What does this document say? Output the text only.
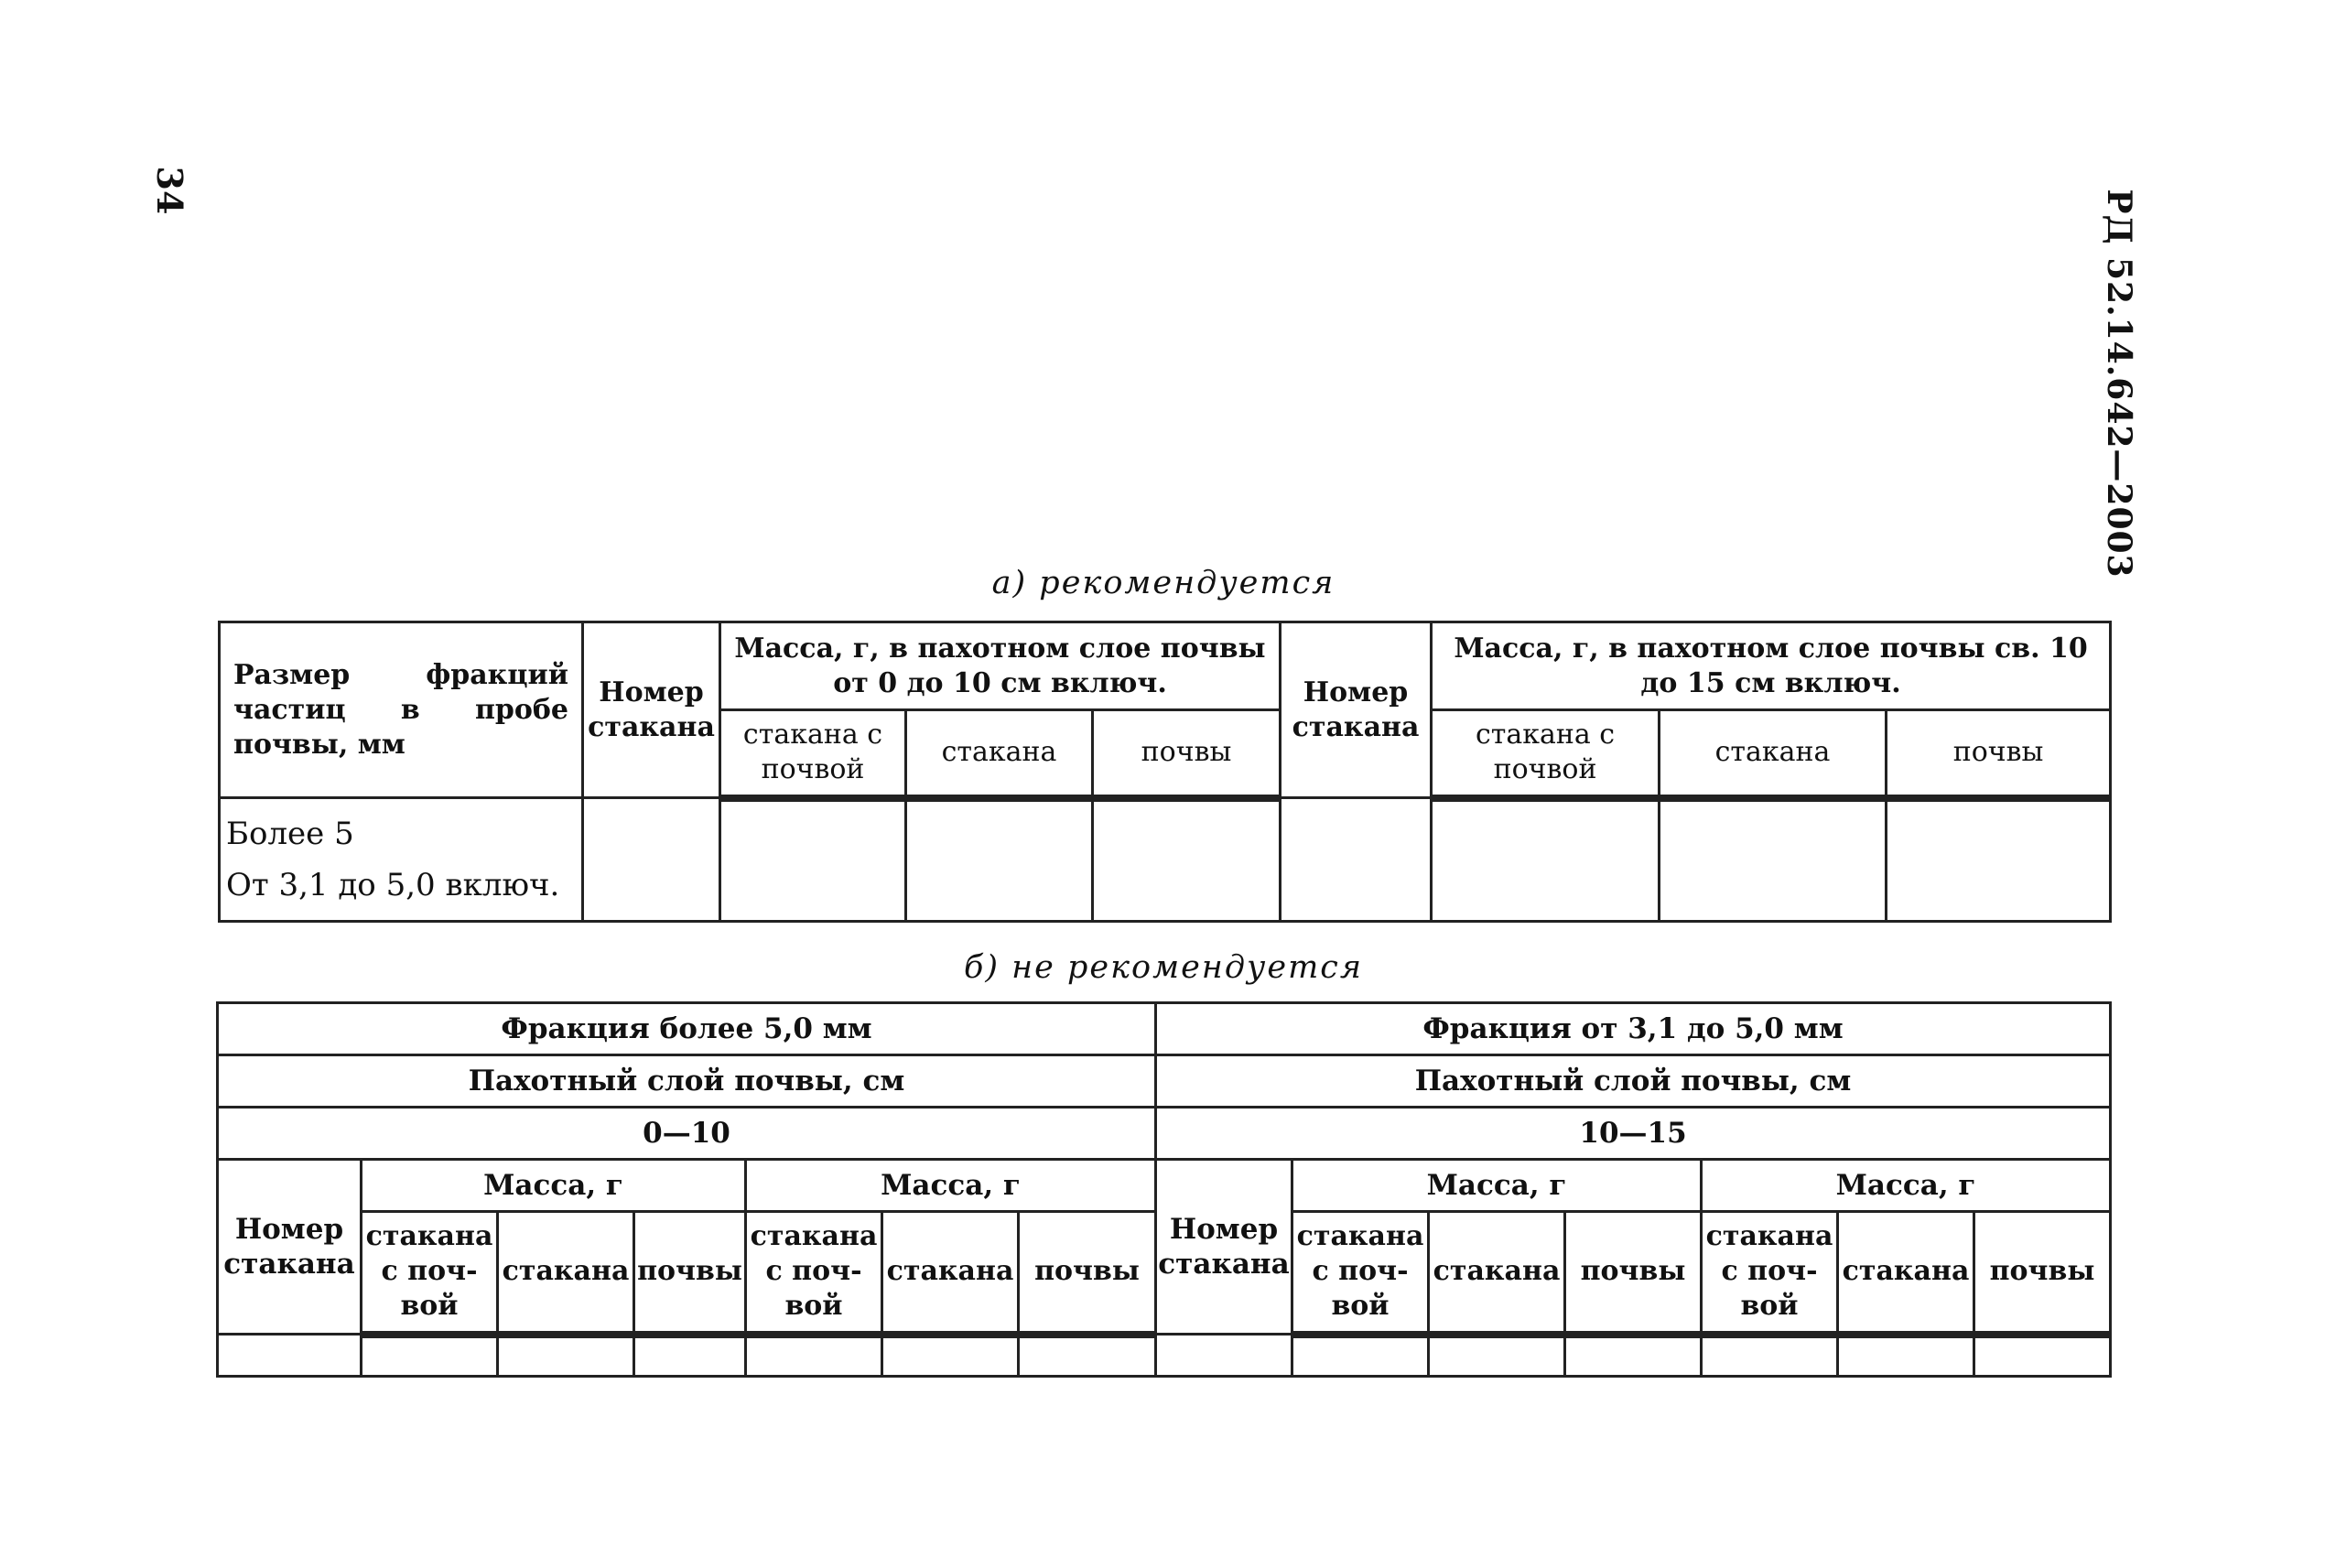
34	РД 52.14.642—2003
а) рекомендуется
Размер фракций частиц в пробе почвы, мм	Номер стакана	Масса, г, в пахотном слое почвы от 0 до 10 см включ.			Номер стакана	Масса, г, в пахотном слое почвы св. 10 до 15 см включ.		
		стакана с почвой	стакана	почвы		стакана с почвой	стакана	почвы

Более 5
От 3,1 до 5,0 включ.								

б) не рекомендуется
Фракция более 5,0 мм							Фракция от 3,1 до 5,0 мм						
Пахотный слой почвы, см							Пахотный слой почвы, см						
0—10							10—15						
Номер стакана	Масса, г			Масса, г			Номер стакана	Масса, г			Масса, г		
	стакана с поч-вой	стакана	почвы	стакана с поч-вой	стакана	почвы		стакана с поч-вой	стакана	почвы	стакана с поч-вой	стакана	почвы
